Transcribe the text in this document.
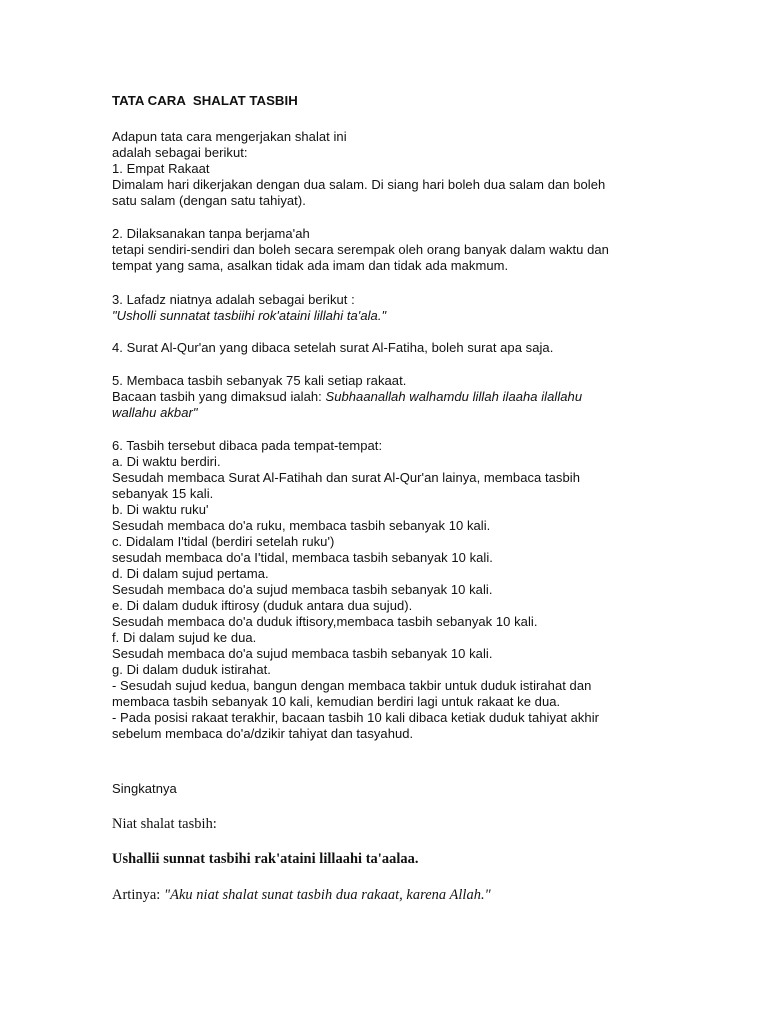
TATA CARA  SHALAT TASBIH
Adapun tata cara mengerjakan shalat ini
adalah sebagai berikut:
1. Empat Rakaat
Dimalam hari dikerjakan dengan dua salam. Di siang hari boleh dua salam dan boleh
satu salam (dengan satu tahiyat).
2. Dilaksanakan tanpa berjama'ah
tetapi sendiri-sendiri dan boleh secara serempak oleh orang banyak dalam waktu dan
tempat yang sama, asalkan tidak ada imam dan tidak ada makmum.
3. Lafadz niatnya adalah sebagai berikut :
"Usholli sunnatat tasbiihi rok'ataini lillahi ta'ala."
4. Surat Al-Qur'an yang dibaca setelah surat Al-Fatiha, boleh surat apa saja.
5. Membaca tasbih sebanyak 75 kali setiap rakaat.
Bacaan tasbih yang dimaksud ialah: Subhaanallah walhamdu lillah ilaaha ilallahu
wallahu akbar"
6. Tasbih tersebut dibaca pada tempat-tempat:
a. Di waktu berdiri.
Sesudah membaca Surat Al-Fatihah dan surat Al-Qur'an lainya, membaca tasbih
sebanyak 15 kali.
b. Di waktu ruku'
Sesudah membaca do'a ruku, membaca tasbih sebanyak 10 kali.
c. Didalam I'tidal (berdiri setelah ruku')
sesudah membaca do'a I'tidal, membaca tasbih sebanyak 10 kali.
d. Di dalam sujud pertama.
Sesudah membaca do'a sujud membaca tasbih sebanyak 10 kali.
e. Di dalam duduk iftirosy (duduk antara dua sujud).
Sesudah membaca do'a duduk iftisory,membaca tasbih sebanyak 10 kali.
f. Di dalam sujud ke dua.
Sesudah membaca do'a sujud membaca tasbih sebanyak 10 kali.
g. Di dalam duduk istirahat.
- Sesudah sujud kedua, bangun dengan membaca takbir untuk duduk istirahat dan
membaca tasbih sebanyak 10 kali, kemudian berdiri lagi untuk rakaat ke dua.
- Pada posisi rakaat terakhir, bacaan tasbih 10 kali dibaca ketiak duduk tahiyat akhir
sebelum membaca do'a/dzikir tahiyat dan tasyahud.
Singkatnya
Niat shalat tasbih:
Ushallii sunnat tasbihi rak'ataini lillaahi ta'aalaa.
Artinya: "Aku niat shalat sunat tasbih dua rakaat, karena Allah."
